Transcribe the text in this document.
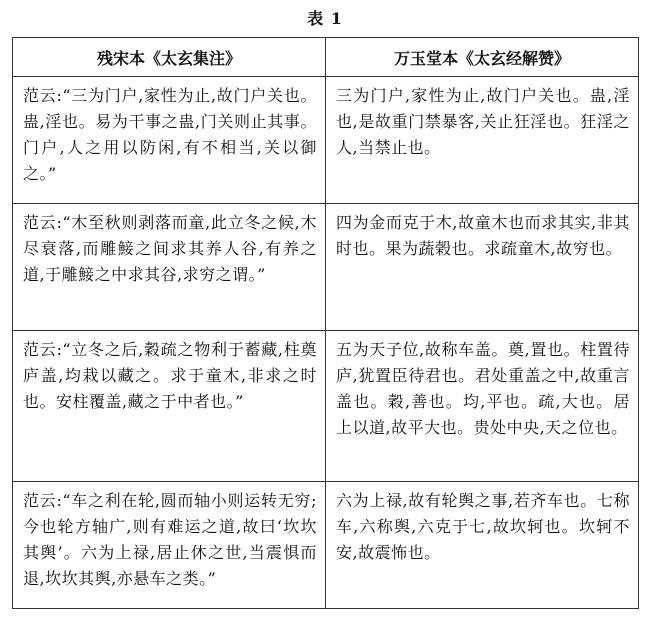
表 1
残宋本《太玄集注》	万玉堂本《太玄经解赞》
范云:“三为门户,家性为止,故门户关也。蛊,淫也。易为干事之蛊,门关则止其事。门户,人之用以防闲,有不相当,关以御之。”	三为门户,家性为止,故门户关也。蛊,淫也,是故重门禁暴客,关止狂淫也。狂淫之人,当禁止也。
范云:“木至秋则剥落而童,此立冬之候,木尽衰落,而雕鯜之间求其养人谷,有养之道,于雕鯜之中求其谷,求穷之谓。”	四为金而克于木,故童木也而求其实,非其时也。果为蔬榖也。求疏童木,故穷也。
范云:“立冬之后,穀疏之物利于蓄藏,柱奠庐盖,均栽以藏之。求于童木,非求之时也。安柱覆盖,藏之于中者也。”	五为天子位,故称车盖。奠,置也。柱置待庐,犹置臣待君也。君处重盖之中,故重言盖也。穀,善也。均,平也。疏,大也。居上以道,故平大也。贵处中央,天之位也。
范云:“车之利在轮,圆而轴小则运转无穷;今也轮方轴广,则有难运之道,故曰‘坎坎其舆’。六为上禄,居止休之世,当震惧而退,坎坎其舆,亦悬车之类。”	六为上禄,故有轮舆之事,若齐车也。七称车,六称舆,六克于七,故坎轲也。坎轲不安,故震怖也。
